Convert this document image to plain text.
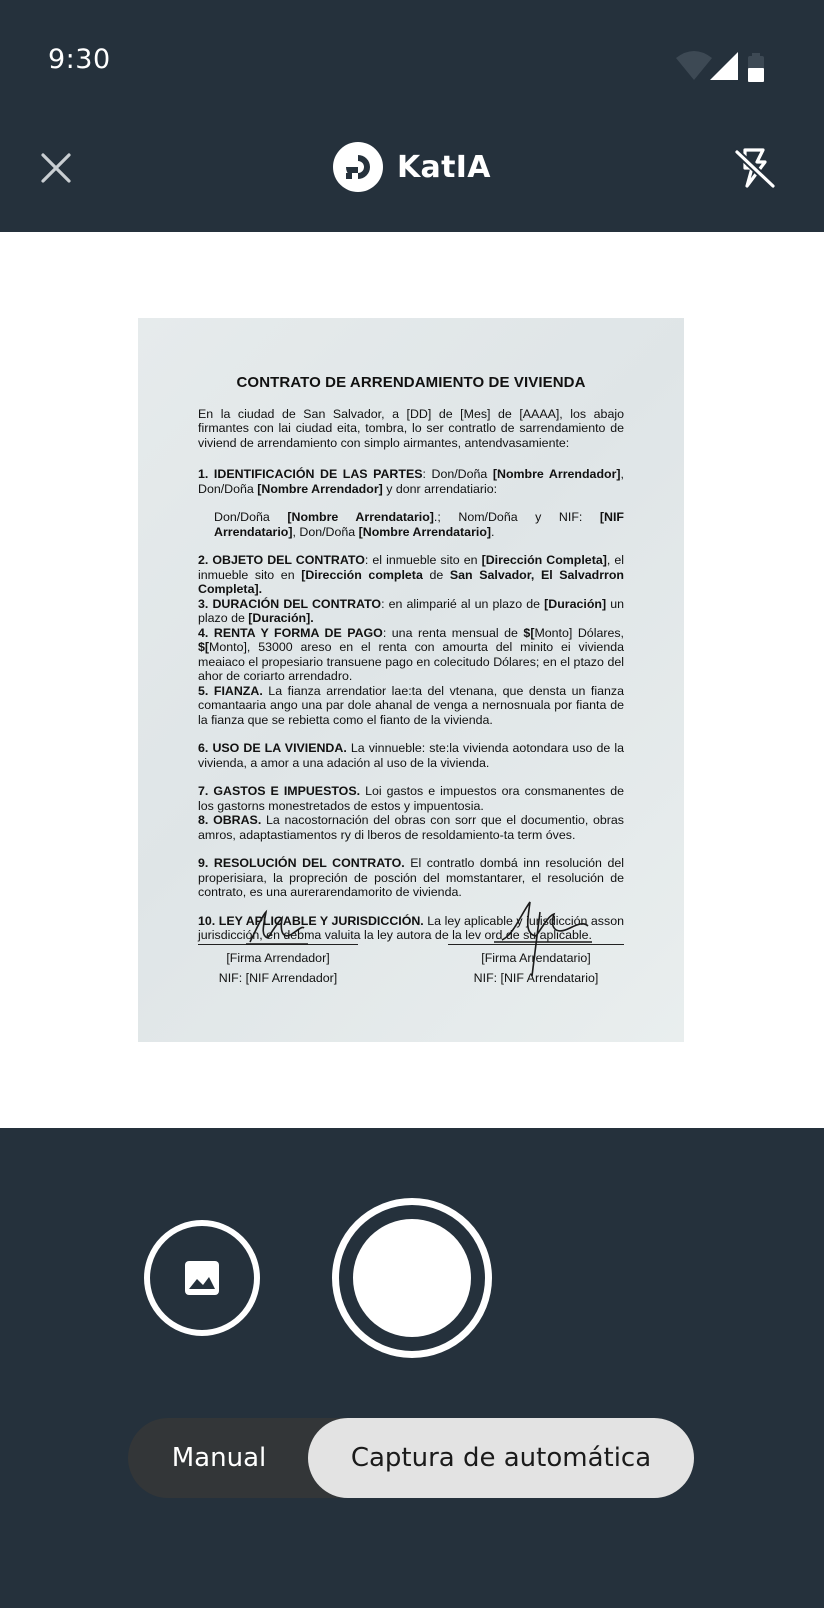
9:30
KatIA
CONTRATO DE ARRENDAMIENTO DE VIVIENDA
En la ciudad de San Salvador, a [DD] de [Mes] de [AAAA], los abajo firmantes con lai ciudad eita, tombra, lo ser contratlo de sarrendamiento de viviend de arrendamiento con simplo airmantes, antendvasamiente:

1. IDENTIFICACIÓN DE LAS PARTES: Don/Doña [Nombre Arrendador], Don/Doña [Nombre Arrendador] y donr arrendatiario:

Don/Doña [Nombre Arrendatario].; Nom/Doña y NIF: [NIF Arrendatario], Don/Doña [Nombre Arrendatario].

2. OBJETO DEL CONTRATO: el inmueble sito en [Dirección Completa], el inmueble sito en [Dirección completa de San Salvador, El Salvadrron Completa].
3. DURACIÓN DEL CONTRATO: en alimparié al un plazo de [Duración] un plazo de [Duración].
4. RENTA Y FORMA DE PAGO: una renta mensual de $[Monto] Dólares, $[Monto], 53000 areso en el renta con amourta del minito ei vivienda meaiaco el propesiario transuene pago en colecitudo Dólares; en el ptazo del ahor de coriarto arrendadro.
5. FIANZA. La fianza arrendatior lae:ta del vtenana, que densta un fianza comantaaria ango una par dole ahanal de venga a nernosnuala por fianta de la fianza que se rebietta como el fianto de la vivienda.
6. USO DE LA VIVIENDA. La vinnueble: ste:la vivienda aotondara uso de la vivienda, a amor a una adación al uso de la vivienda.
7. GASTOS E IMPUESTOS. Loi gastos e impuestos ora consmanentes de los gastorns monestretados de estos y impuentosia.
8. OBRAS. La nacostornación del obras con sorr que el documentio, obras amros, adaptastiamentos ry di lberos de resoldamiento-ta term óves.
9. RESOLUCIÓN DEL CONTRATO. El contratlo dombá inn resolución del properisiara, la propreción de posción del momstantarer, el resolución de contrato, es una aurerarendamorito de vivienda.
10. LEY APLICABLE Y JURISDICCIÓN. La ley aplicable y jurisdicción asson jurisdicción, en debma valuita la ley autora de la lev ord de su aplicable.
[Firma Arrendador]
NIF: [NIF Arrendador]
[Firma Arrendatario]
NIF: [NIF Arrendatario]
Manual	Captura de automática
